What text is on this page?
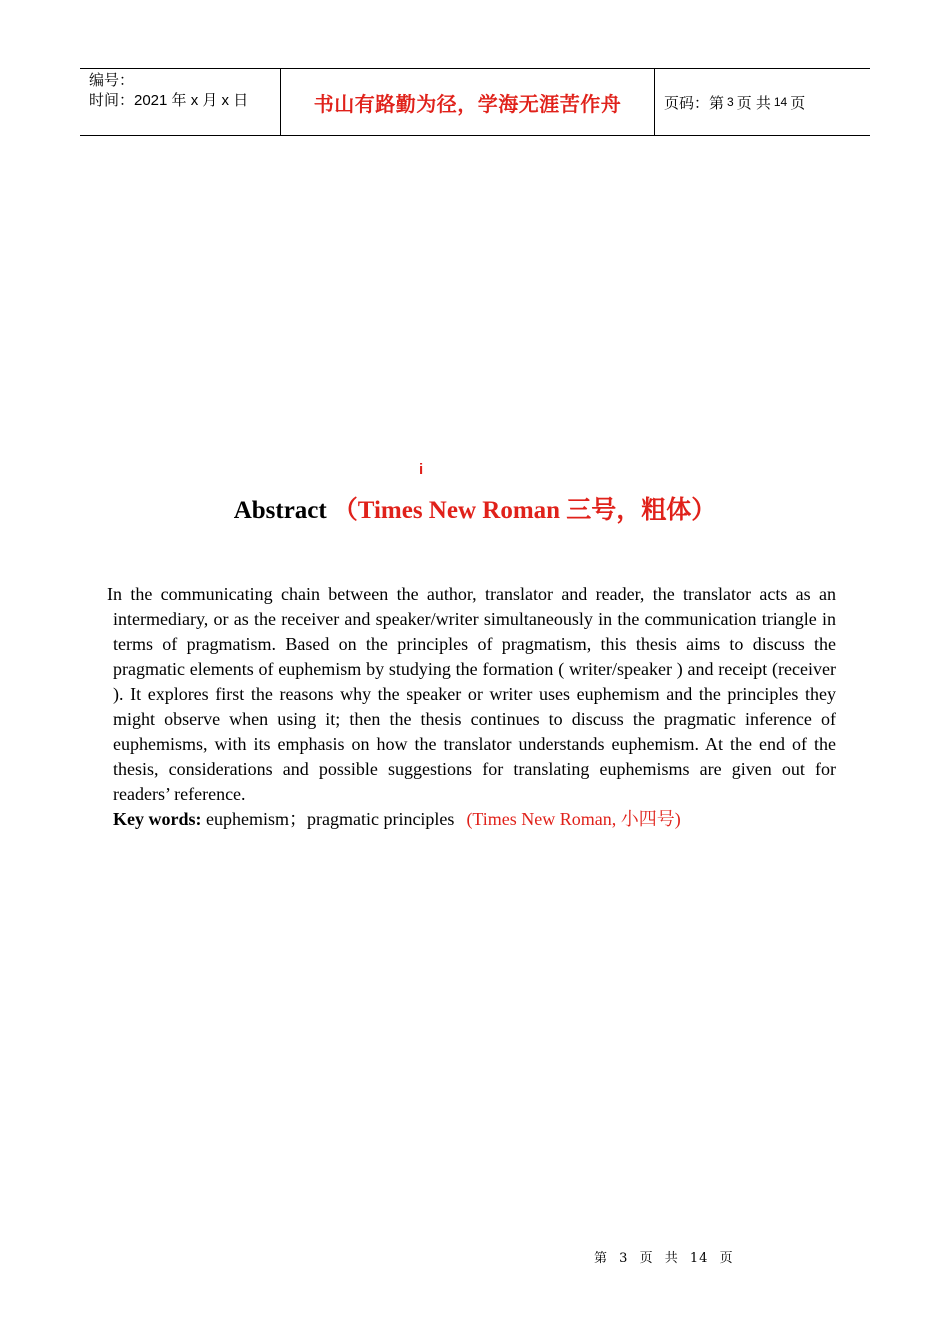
编号：
时间：2021 年 x 月 x 日	书山有路勤为径，学海无涯苦作舟	页码：第 3 页 共 14 页
i
Abstract （Times New Roman 三号，粗体）
In the communicating chain between the author, translator and reader, the translator acts as an intermediary, or as the receiver and speaker/writer simultaneously in the communication triangle in terms of pragmatism. Based on the principles of pragmatism, this thesis aims to discuss the pragmatic elements of euphemism by studying the formation ( writer/speaker ) and receipt (receiver ). It explores first the reasons why the speaker or writer uses euphemism and the principles they might observe when using it; then the thesis continues to discuss the pragmatic inference of euphemisms, with its emphasis on how the translator understands euphemism. At the end of the thesis, considerations and possible suggestions for translating euphemisms are given out for readers’ reference.
Key words: euphemism；pragmatic principles (Times New Roman, 小四号)
第 3 页 共 14 页
